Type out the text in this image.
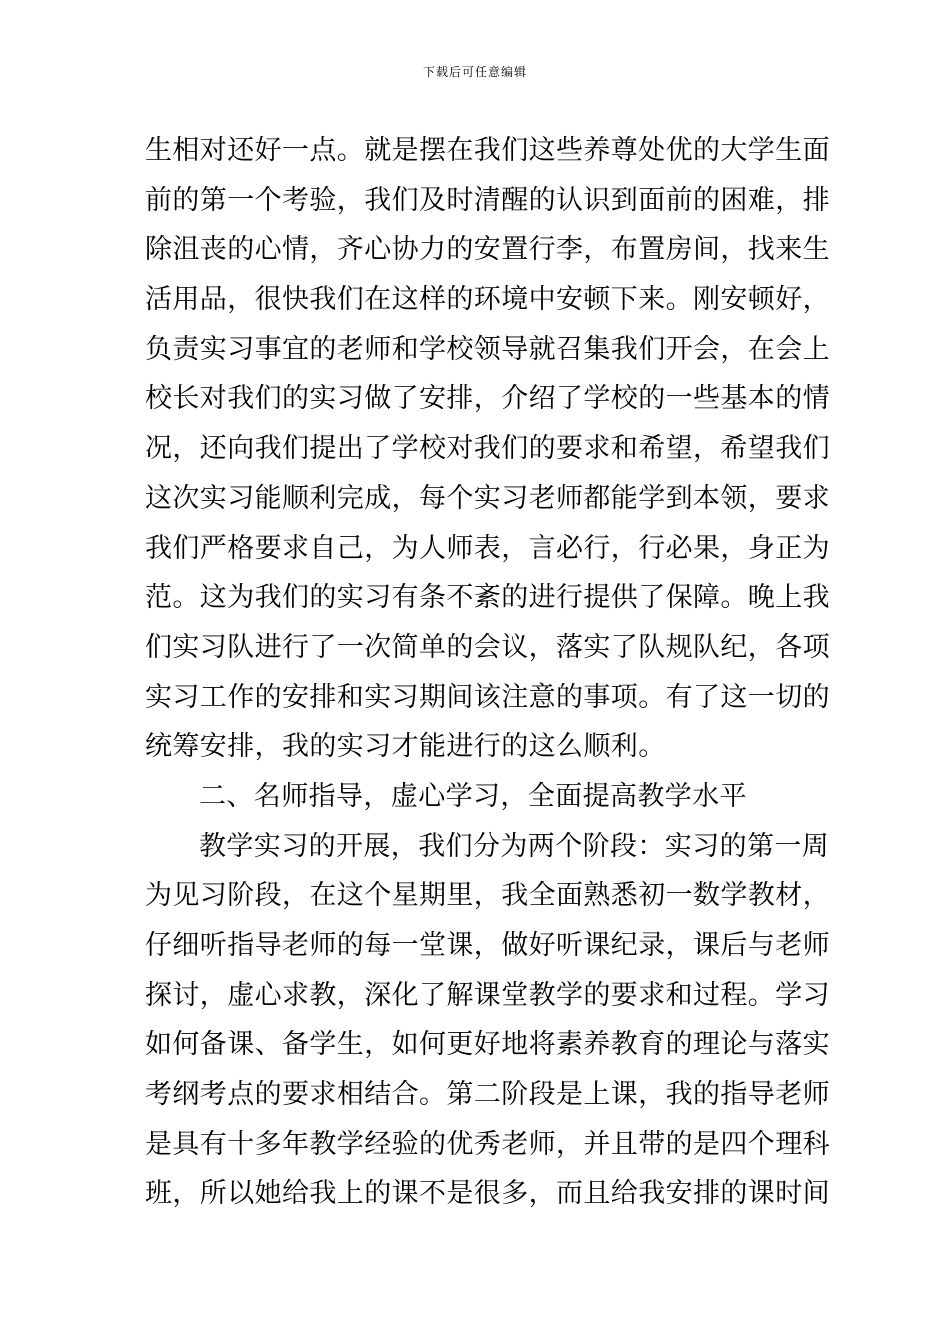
下载后可任意编辑
生相对还好一点。就是摆在我们这些养尊处优的大学生面
前的第一个考验，我们及时清醒的认识到面前的困难，排
除沮丧的心情，齐心协力的安置行李，布置房间，找来生
活用品，很快我们在这样的环境中安顿下来。刚安顿好，
负责实习事宜的老师和学校领导就召集我们开会，在会上
校长对我们的实习做了安排，介绍了学校的一些基本的情
况，还向我们提出了学校对我们的要求和希望，希望我们
这次实习能顺利完成，每个实习老师都能学到本领，要求
我们严格要求自己，为人师表，言必行，行必果，身正为
范。这为我们的实习有条不紊的进行提供了保障。晚上我
们实习队进行了一次简单的会议，落实了队规队纪，各项
实习工作的安排和实习期间该注意的事项。有了这一切的
统筹安排，我的实习才能进行的这么顺利。
二、名师指导，虚心学习，全面提高教学水平
教学实习的开展，我们分为两个阶段：实习的第一周
为见习阶段，在这个星期里，我全面熟悉初一数学教材，
仔细听指导老师的每一堂课，做好听课纪录，课后与老师
探讨，虚心求教，深化了解课堂教学的要求和过程。学习
如何备课、备学生，如何更好地将素养教育的理论与落实
考纲考点的要求相结合。第二阶段是上课，我的指导老师
是具有十多年教学经验的优秀老师，并且带的是四个理科
班，所以她给我上的课不是很多，而且给我安排的课时间
